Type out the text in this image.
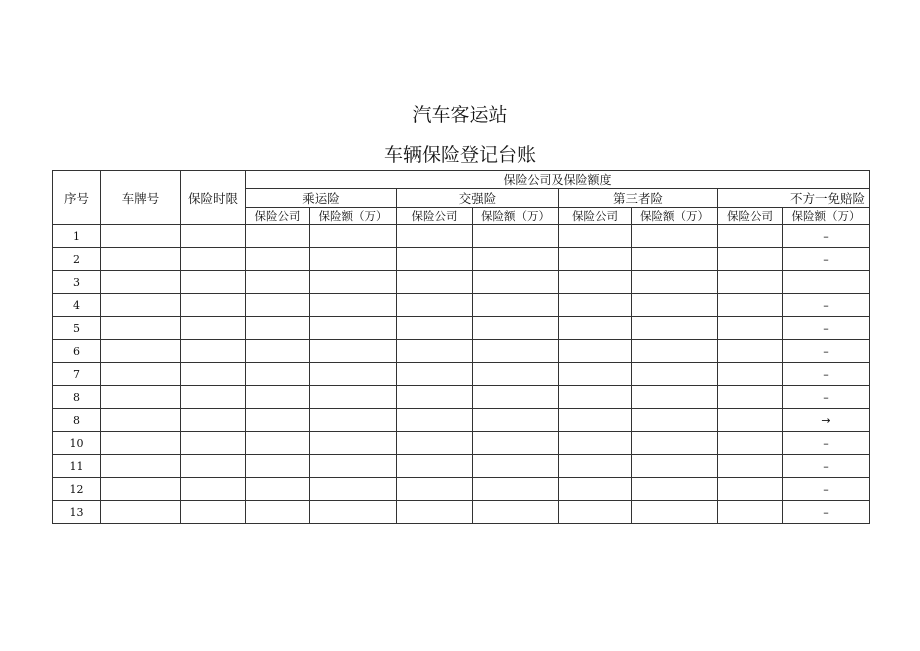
汽车客运站
车辆保险登记台账
序号	车牌号	保险时限	保险公司及保险额度							
			乘运险		交强险		第三者险		不方一免赔险	
			保险公司	保险额（万）	保险公司	保险额（万）	保险公司	保险额（万）	保险公司	保险额（万）
1										–
2										–
3										
4										–
5										–
6										–
7										–
8										–
8										→
10										–
11										–
12										–
13										–
